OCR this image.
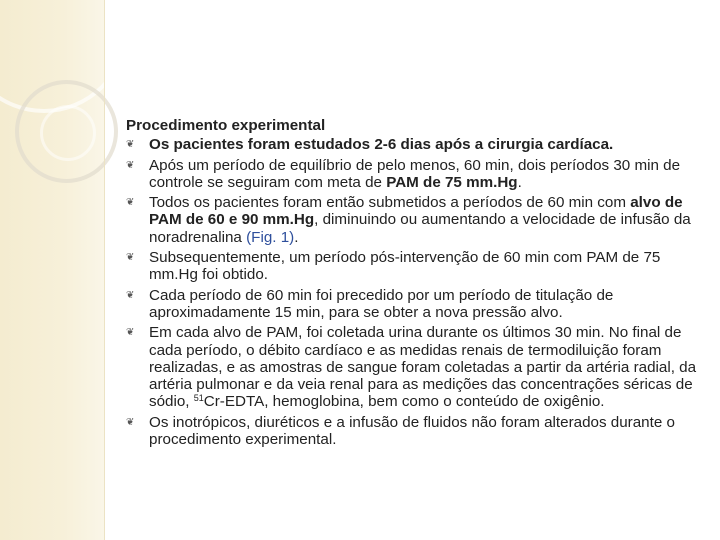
Procedimento experimental
❦ Os pacientes foram estudados 2-6 dias após a cirurgia cardíaca.
❦ Após um período de equilíbrio de pelo menos, 60 min, dois períodos 30 min de controle se seguiram com meta de PAM de 75 mm.Hg.
❦ Todos os pacientes foram então submetidos a períodos de 60 min com alvo de PAM de 60 e 90 mm.Hg, diminuindo ou aumentando a velocidade de infusão da noradrenalina (Fig. 1).
❦ Subsequentemente, um período pós-intervenção de 60 min com PAM de 75 mm.Hg foi obtido.
❦ Cada período de 60 min foi precedido por um período de titulação de aproximadamente 15 min, para se obter a nova pressão alvo.
❦ Em cada alvo de PAM, foi coletada urina durante os últimos 30 min. No final de cada período, o débito cardíaco e as medidas renais de termodiluição foram realizadas, e as amostras de sangue foram coletadas a partir da artéria radial, da artéria pulmonar e da veia renal para as medições das concentrações séricas de sódio, $^{51}$Cr-EDTA, hemoglobina, bem como o conteúdo de oxigênio.
❦ Os inotrópicos, diuréticos e a infusão de fluidos não foram alterados durante o procedimento experimental.
